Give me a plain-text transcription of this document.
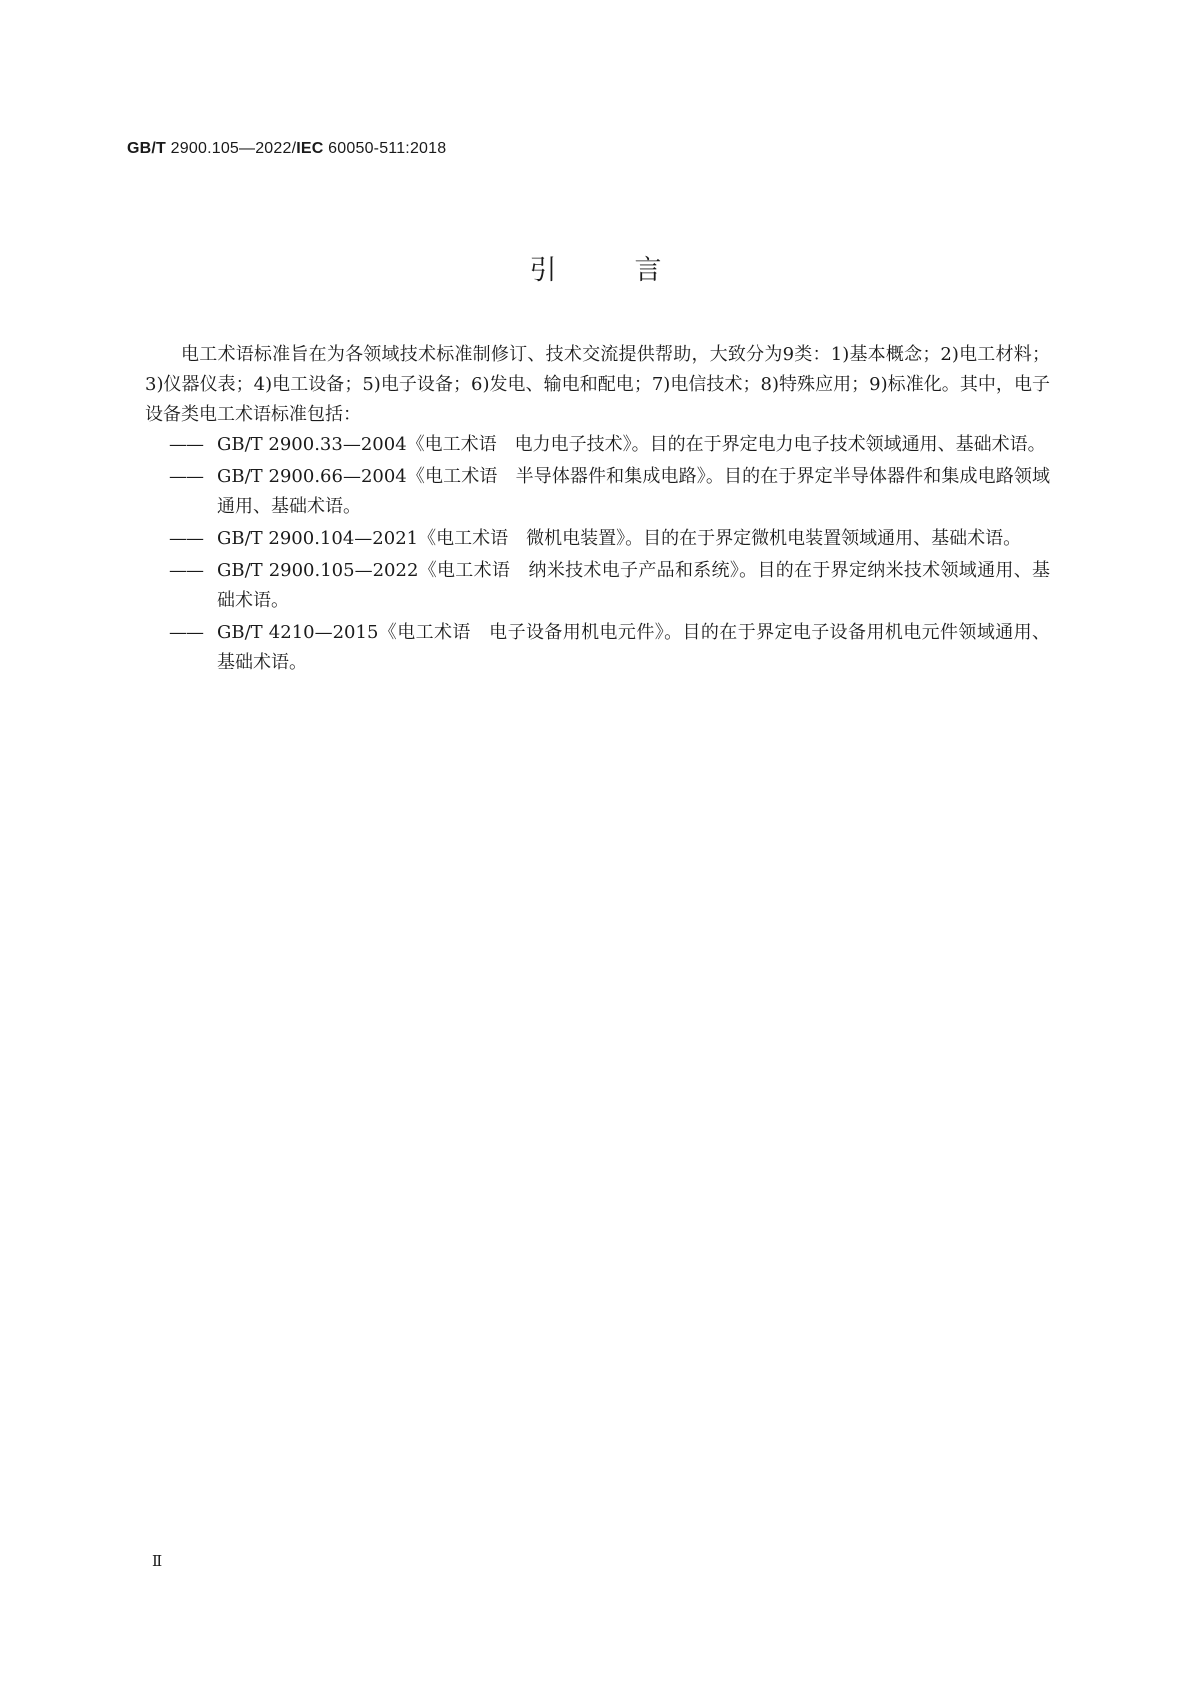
GB/T 2900.105—2022/IEC 60050-511:2018
引言

电工术语标准旨在为各领域技术标准制修订、技术交流提供帮助，大致分为9类：1)基本概念；2)电工材料；3)仪器仪表；4)电工设备；5)电子设备；6)发电、输电和配电；7)电信技术；8)特殊应用；9)标准化。其中，电子设备类电工术语标准包括：

—— GB/T 2900.33—2004《电工术语　电力电子技术》。目的在于界定电力电子技术领域通用、基础术语。
—— GB/T 2900.66—2004《电工术语　半导体器件和集成电路》。目的在于界定半导体器件和集成电路领域通用、基础术语。
—— GB/T 2900.104—2021《电工术语　微机电装置》。目的在于界定微机电装置领域通用、基础术语。
—— GB/T 2900.105—2022《电工术语　纳米技术电子产品和系统》。目的在于界定纳米技术领域通用、基础术语。
—— GB/T 4210—2015《电工术语　电子设备用机电元件》。目的在于界定电子设备用机电元件领域通用、基础术语。
Ⅱ
